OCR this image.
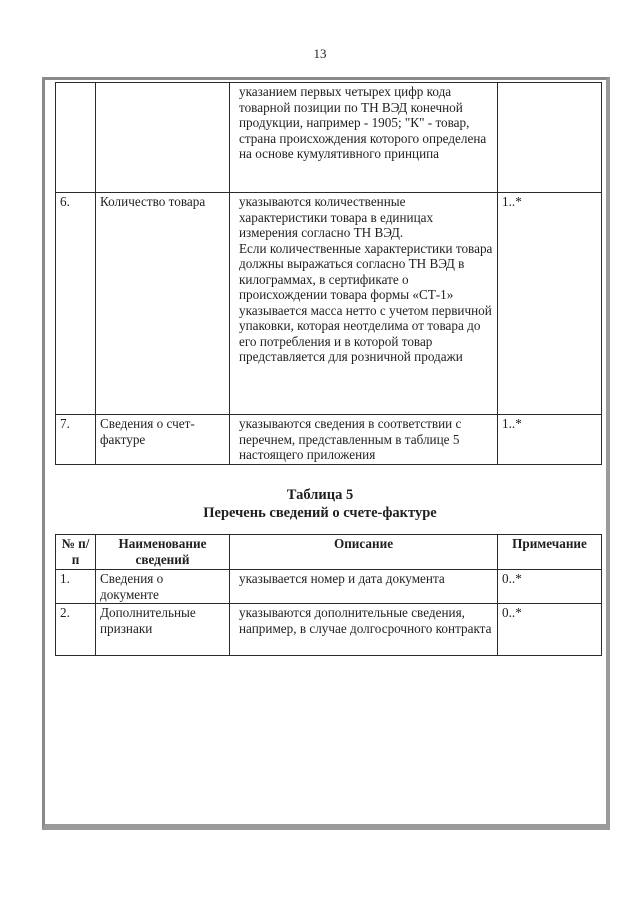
13
		указанием первых четырех цифр кода товарной позиции по ТН ВЭД конечной продукции, например - 1905; "К" - товар, страна происхождения которого определена на основе кумулятивного принципа	
6.	Количество товара	указываются количественные характеристики товара в единицах измерения согласно ТН ВЭД.
Если количественные характеристики товара должны выражаться согласно ТН ВЭД в килограммах, в сертификате о происхождении товара формы «СТ-1» указывается масса нетто с учетом первичной упаковки, которая неотделима от товара до его потребления и в которой товар представляется для розничной продажи	1..*
7.	Сведения о счет-фактуре	указываются сведения в соответствии с перечнем, представленным в таблице 5 настоящего приложения	1..*
Таблица 5
Перечень сведений о счете-фактуре
№ п/п	Наименование сведений	Описание	Примечание
1.	Сведения о документе	указывается номер и дата документа	0..*
2.	Дополнительные признаки	указываются дополнительные сведения, например, в случае долгосрочного контракта	0..*
